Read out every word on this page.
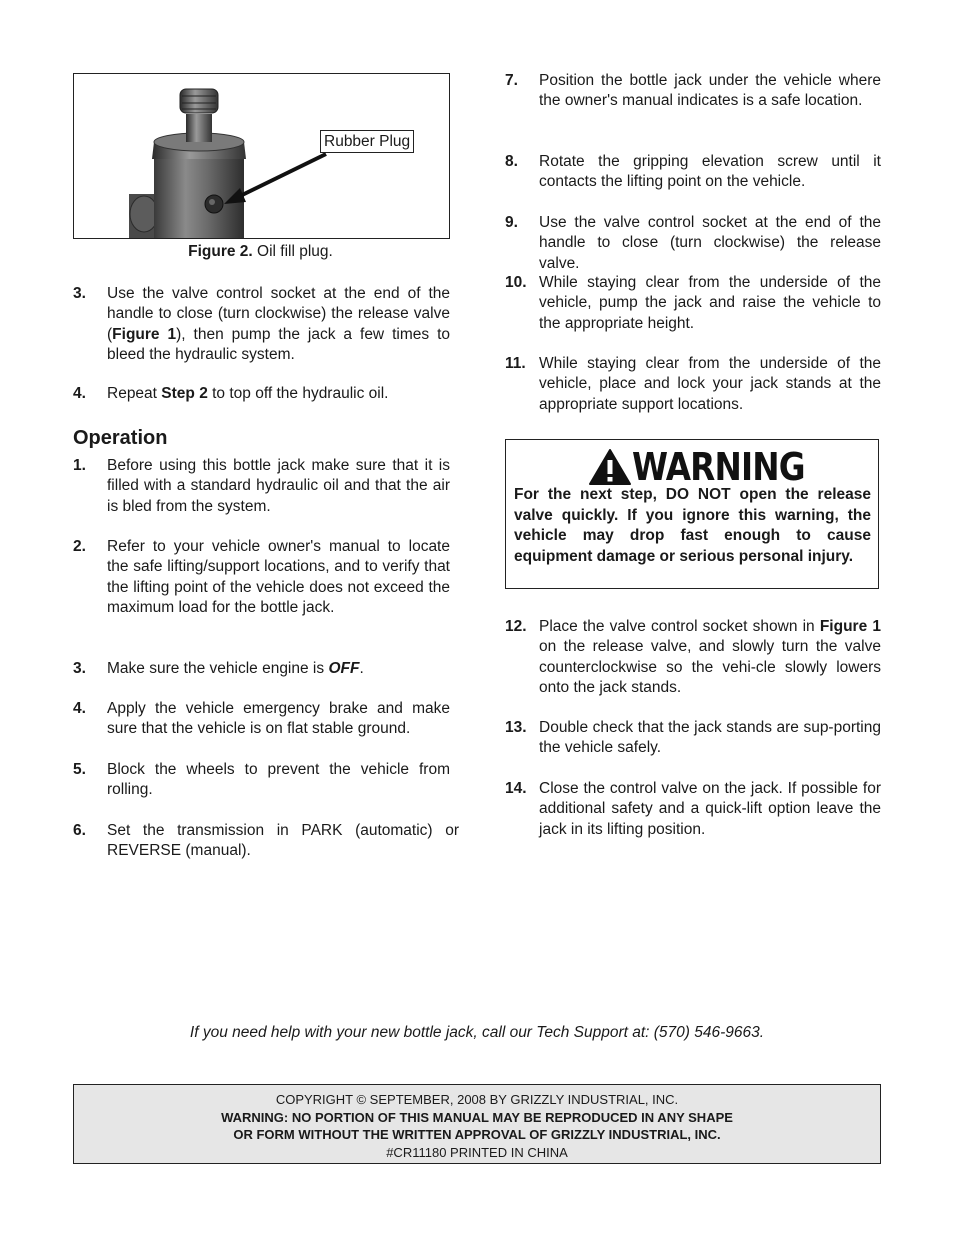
Rubber Plug
Figure 2. Oil fill plug.
3.	Use the valve control socket at the end of the handle to close (turn clockwise) the release valve (Figure 1), then pump the jack a few times to bleed the hydraulic system.
4.	Repeat Step 2 to top off the hydraulic oil.
Operation
1.	Before using this bottle jack make sure that it is filled with a standard hydraulic oil and that the air is bled from the system.
2.	Refer to your vehicle owner's manual to locate the safe lifting/support locations, and to verify that the lifting point of the vehicle does not exceed the maximum load for the bottle jack.
3.	Make sure the vehicle engine is OFF.
4.	Apply the vehicle emergency brake and make sure that the vehicle is on flat stable ground.
5.	Block the wheels to prevent the vehicle from rolling.
6.	Set the transmission in PARK (automatic) or REVERSE (manual).
7.	Position the bottle jack under the vehicle where the owner's manual indicates is a safe location.
8.	Rotate the gripping elevation screw until it contacts the lifting point on the vehicle.
9.	Use the valve control socket at the end of the handle to close (turn clockwise) the release valve.
10. While staying clear from the underside of the vehicle, pump the jack and raise the vehicle to the appropriate height.
11. While staying clear from the underside of the vehicle, place and lock your jack stands at the appropriate support locations.
WARNING
For the next step, DO NOT open the release valve quickly. If you ignore this warning, the vehicle may drop fast enough to cause equipment damage or serious personal injury.
12. Place the valve control socket shown in Figure 1 on the release valve, and slowly turn the valve counterclockwise so the vehi-cle slowly lowers onto the jack stands.
13. Double check that the jack stands are sup-porting the vehicle safely.
14. Close the control valve on the jack. If possible for additional safety and a quick-lift option leave the jack in its lifting position.
If you need help with your new bottle jack, call our Tech Support at: (570) 546-9663.
COPYRIGHT © SEPTEMBER, 2008 BY GRIZZLY INDUSTRIAL, INC.
WARNING: NO PORTION OF THIS MANUAL MAY BE REPRODUCED IN ANY SHAPE
OR FORM WITHOUT THE WRITTEN APPROVAL OF GRIZZLY INDUSTRIAL, INC.
#CR11180 PRINTED IN CHINA
